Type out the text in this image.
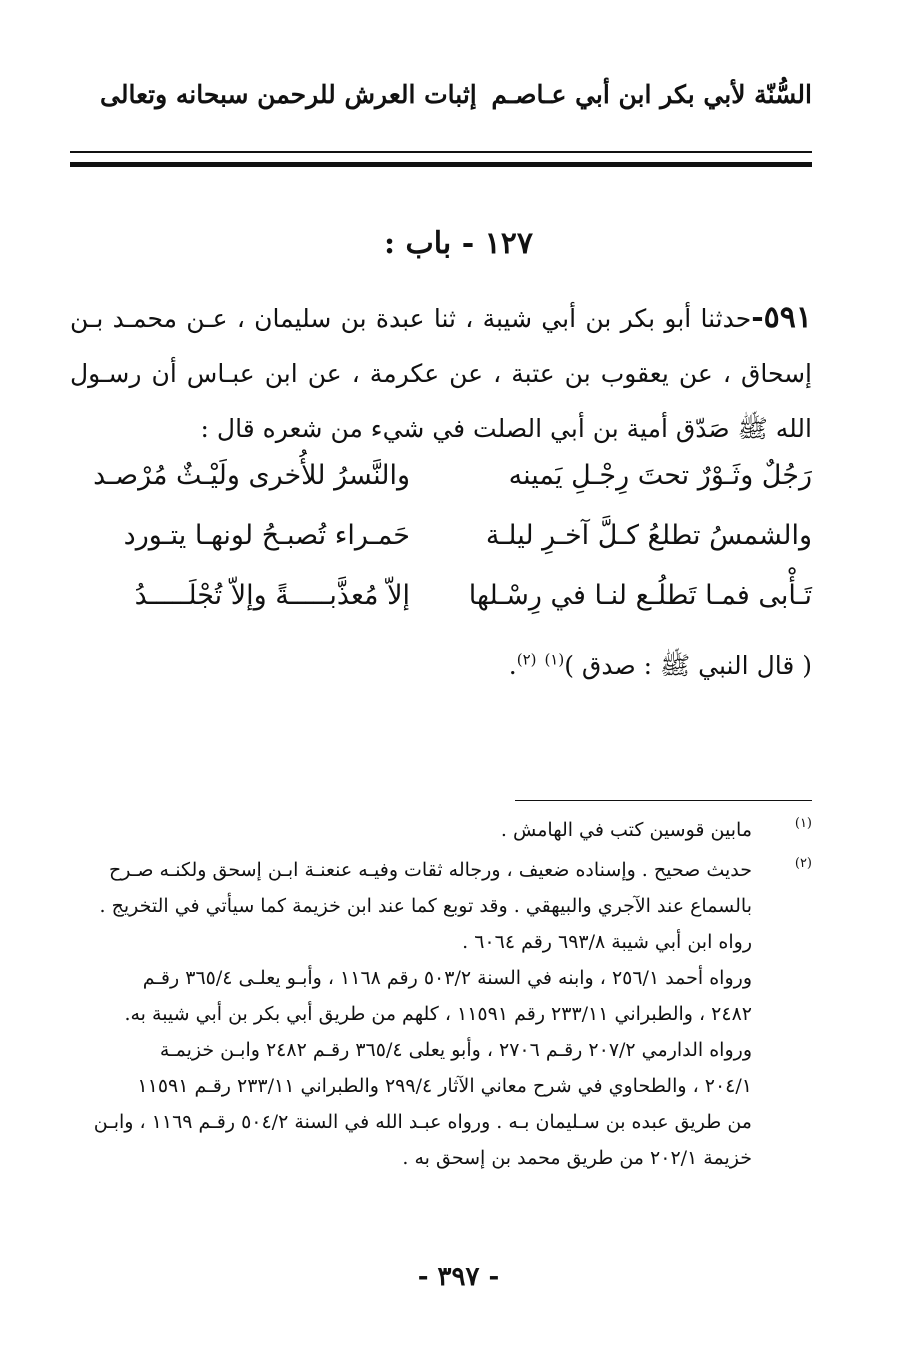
السُّنّة لأبي بكر ابن أبي عـاصـم
إثبات العرش للرحمن سبحانه وتعالى
١٢٧ - باب :
٥٩١-حدثنا أبو بكر بن أبي شيبة ، ثنا عبدة بن سليمان ، عـن محمـد بـن إسحاق ، عن يعقوب بن عتبة ، عن عكرمة ، عن ابن عبـاس أن رسـول الله ﷺ صَدّق أمية بن أبي الصلت في شيء من شعره قال :
رَجُلٌ وثَـوْرٌ تحتَ رِجْـلِ يَمينه
والنَّسرُ للأُخرى ولَيْـثٌ مُرْصـد
والشمسُ تطلعُ كـلَّ آخـرِ ليلـة
حَمـراء تُصبـحُ لونهـا يتـورد
تَـأْبى فمـا تَطلُـع لنـا في رِسْـلها
إلاّ مُعذَّبـــــةً وإلاّ تُجْلَـــــدُ
( قال النبي ﷺ : صدق )$^{(١)}$ $^{(٢)}$.
(١)
مابين قوسين كتب في الهامش .
(٢)
حديث صحيح . وإسناده ضعيف ، ورجاله ثقات وفيـه عنعنـة ابـن إسحق ولكنـه صـرح
بالسماع عند الآجري والبيهقي . وقد توبع كما عند ابن خزيمة كما سيأتي في التخريج .
رواه ابن أبي شيبة ٦٩٣/٨ رقم ٦٠٦٤ .
ورواه أحمد ٢٥٦/١ ، وابنه في السنة ٥٠٣/٢ رقم ١١٦٨ ، وأبـو يعلـى ٣٦٥/٤ رقـم
٢٤٨٢ ، والطبراني ٢٣٣/١١ رقم ١١٥٩١ ، كلهم من طريق أبي بكر بن أبي شيبة به.
ورواه الدارمي ٢٠٧/٢ رقـم ٢٧٠٦ ، وأبو يعلى ٣٦٥/٤ رقـم ٢٤٨٢ وابـن خزيمـة
٢٠٤/١ ، والطحاوي في شرح معاني الآثار ٢٩٩/٤ والطبراني ٢٣٣/١١ رقـم ١١٥٩١
من طريق عبده بن سـليمان بـه . ورواه عبـد الله في السنة ٥٠٤/٢ رقـم ١١٦٩ ، وابـن
خزيمة ٢٠٢/١ من طريق محمد بن إسحق به .
- ٣٩٧ -
